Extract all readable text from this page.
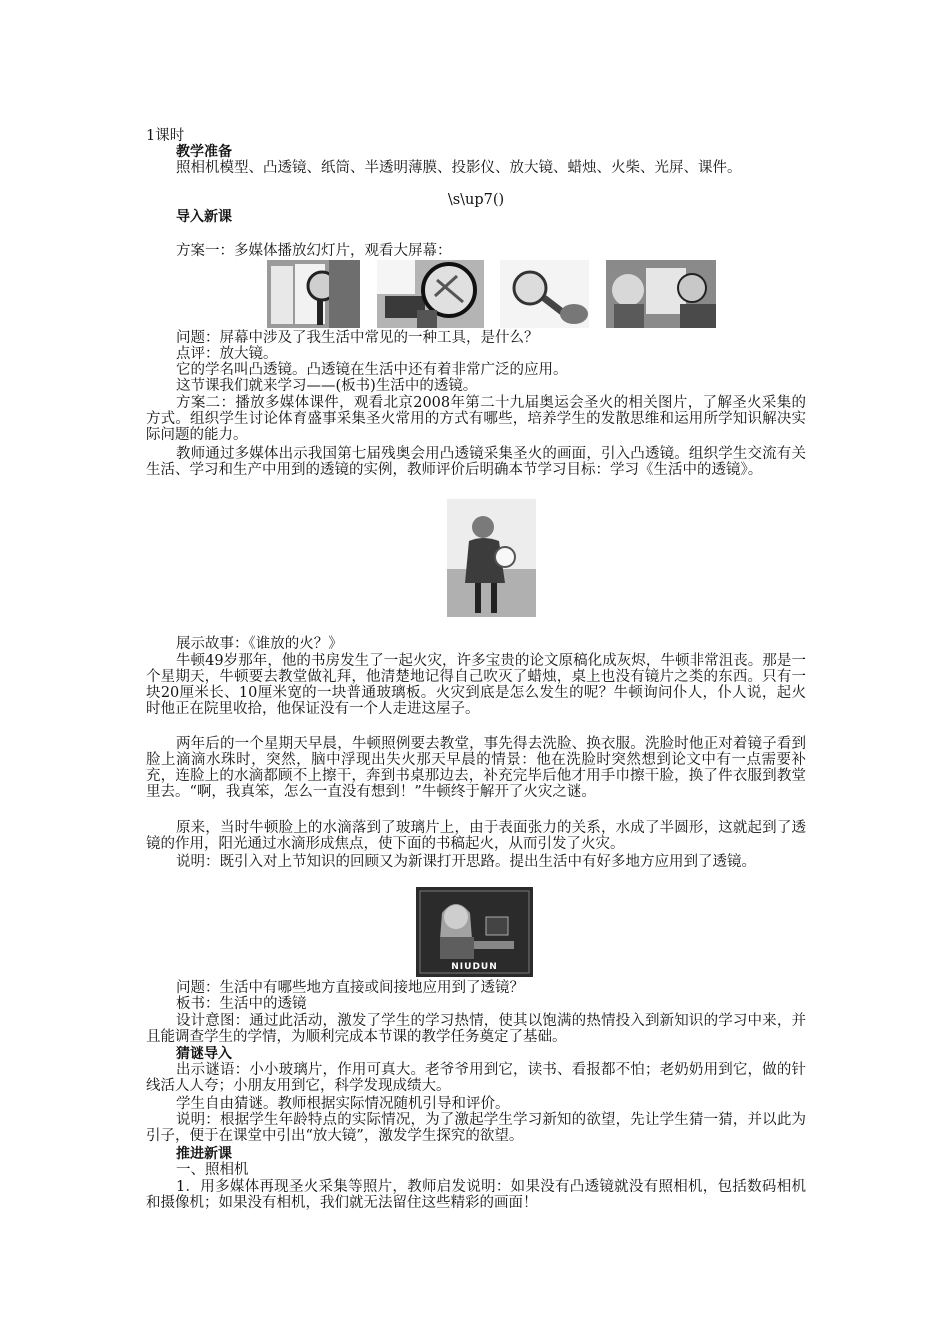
1课时
教学准备
照相机模型、凸透镜、纸筒、半透明薄膜、投影仪、放大镜、蜡烛、火柴、光屏、课件。
\s\up7()
导入新课
方案一：多媒体播放幻灯片，观看大屏幕：
问题：屏幕中涉及了我生活中常见的一种工具，是什么？
点评：放大镜。
它的学名叫凸透镜。凸透镜在生活中还有着非常广泛的应用。
这节课我们就来学习——(板书)生活中的透镜。
方案二：播放多媒体课件，观看北京2008年第二十九届奥运会圣火的相关图片，了解圣火采集的方式。组织学生讨论体育盛事采集圣火常用的方式有哪些，培养学生的发散思维和运用所学知识解决实际问题的能力。
教师通过多媒体出示我国第七届残奥会用凸透镜采集圣火的画面，引入凸透镜。组织学生交流有关生活、学习和生产中用到的透镜的实例，教师评价后明确本节学习目标：学习《生活中的透镜》。
展示故事：《谁放的火？》
牛顿49岁那年，他的书房发生了一起火灾，许多宝贵的论文原稿化成灰烬，牛顿非常沮丧。那是一个星期天，牛顿要去教堂做礼拜，他清楚地记得自己吹灭了蜡烛，桌上也没有镜片之类的东西。只有一块20厘米长、10厘米宽的一块普通玻璃板。火灾到底是怎么发生的呢？牛顿询问仆人，仆人说，起火时他正在院里收拾，他保证没有一个人走进这屋子。
两年后的一个星期天早晨，牛顿照例要去教堂，事先得去洗脸、换衣服。洗脸时他正对着镜子看到脸上滴滴水珠时，突然，脑中浮现出失火那天早晨的情景：他在洗脸时突然想到论文中有一点需要补充，连脸上的水滴都顾不上擦干，奔到书桌那边去，补充完毕后他才用手巾擦干脸，换了件衣服到教堂里去。“啊，我真笨，怎么一直没有想到！”牛顿终于解开了火灾之谜。
原来，当时牛顿脸上的水滴落到了玻璃片上，由于表面张力的关系，水成了半圆形，这就起到了透镜的作用，阳光通过水滴形成焦点，使下面的书稿起火，从而引发了火灾。
说明：既引入对上节知识的回顾又为新课打开思路。提出生活中有好多地方应用到了透镜。
NIUDUN
问题：生活中有哪些地方直接或间接地应用到了透镜？
板书：生活中的透镜
设计意图：通过此活动，激发了学生的学习热情，使其以饱满的热情投入到新知识的学习中来，并且能调查学生的学情，为顺利完成本节课的教学任务奠定了基础。
猜谜导入
出示谜语：小小玻璃片，作用可真大。老爷爷用到它，读书、看报都不怕；老奶奶用到它，做的针线活人人夸；小朋友用到它，科学发现成绩大。
学生自由猜谜。教师根据实际情况随机引导和评价。
说明：根据学生年龄特点的实际情况，为了激起学生学习新知的欲望，先让学生猜一猜，并以此为引子，便于在课堂中引出“放大镜”，激发学生探究的欲望。
推进新课
一、照相机
1．用多媒体再现圣火采集等照片，教师启发说明：如果没有凸透镜就没有照相机，包括数码相机和摄像机；如果没有相机，我们就无法留住这些精彩的画面！
